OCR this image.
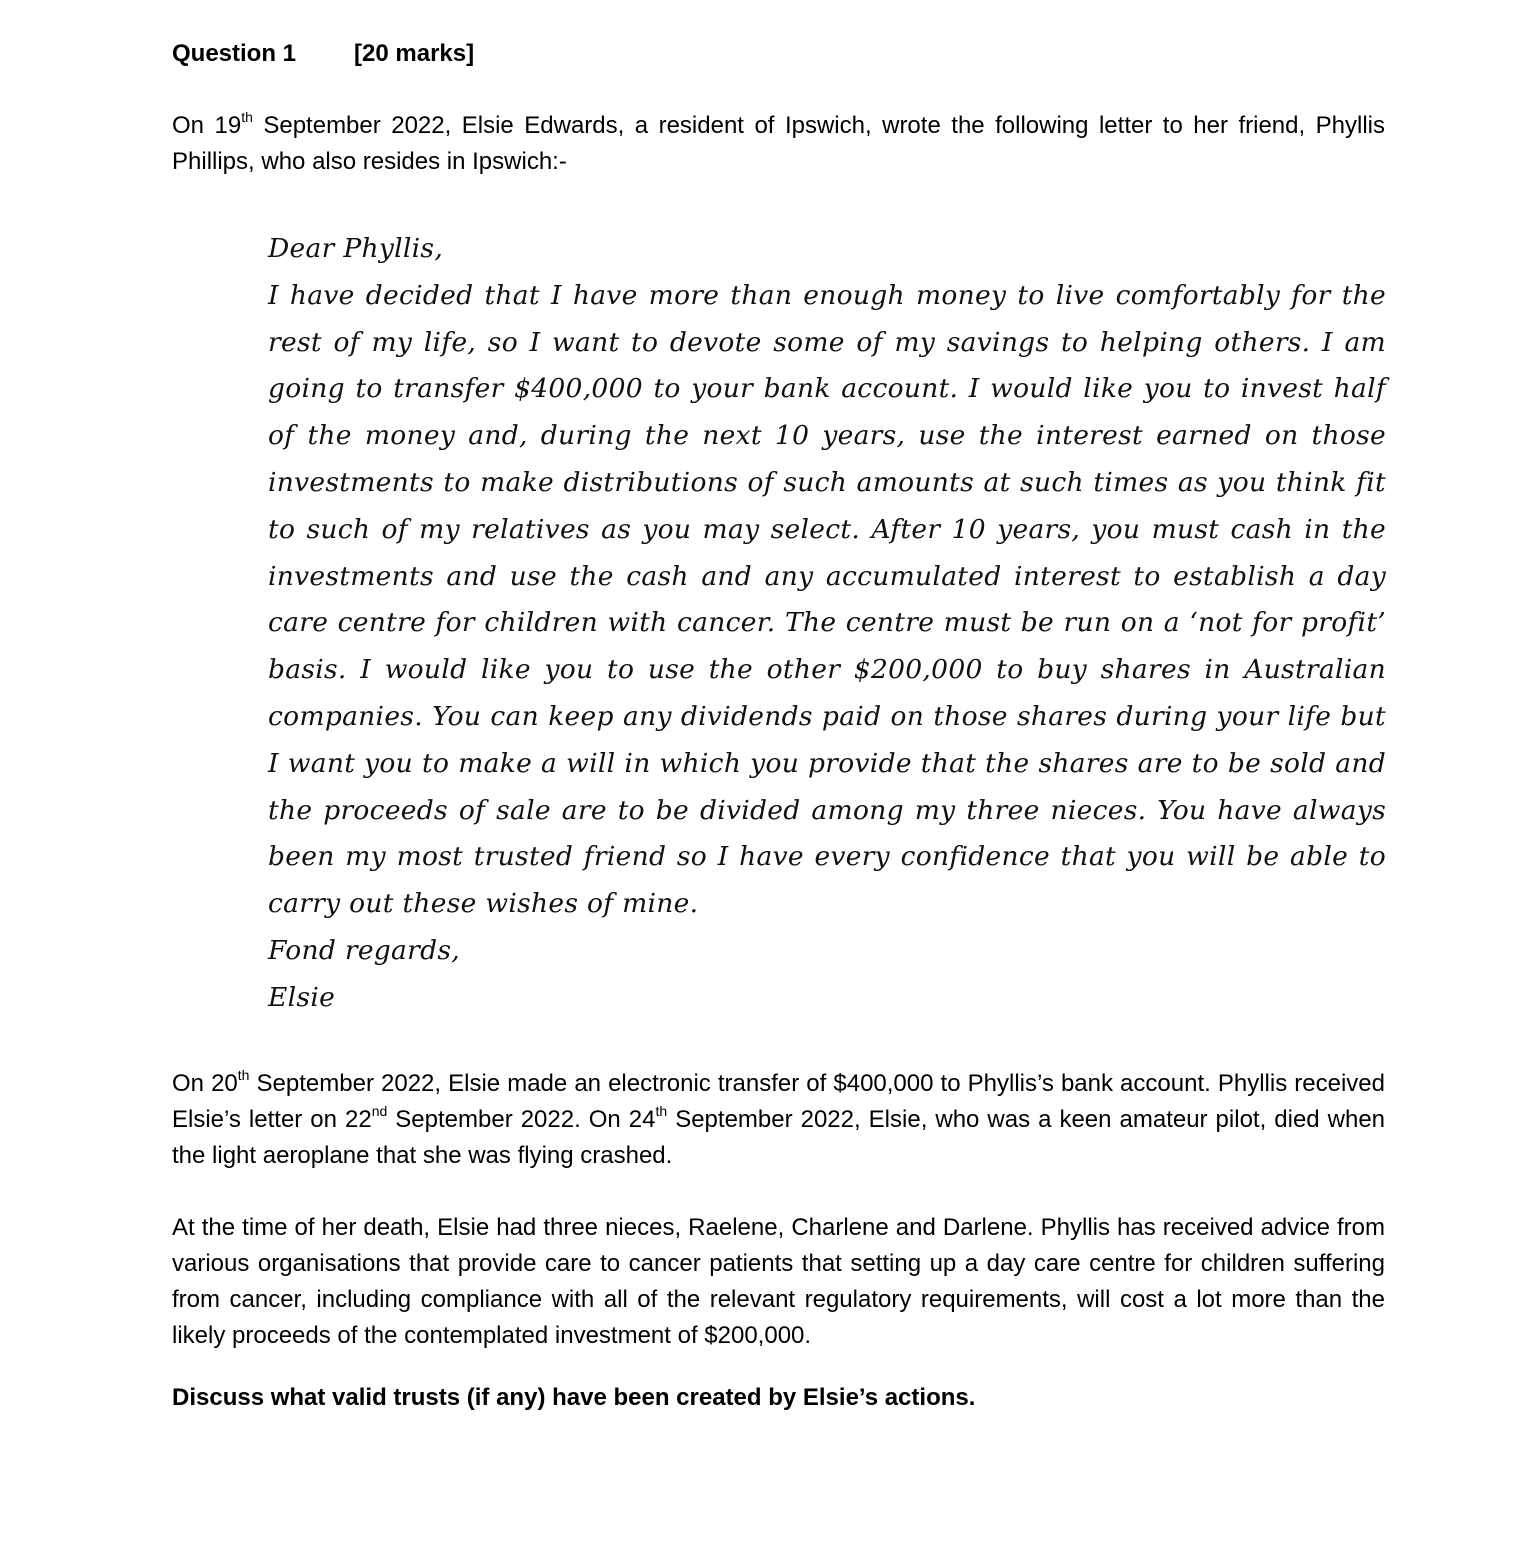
Question 1 [20 marks]

On 19th September 2022, Elsie Edwards, a resident of Ipswich, wrote the following letter to her friend, Phyllis Phillips, who also resides in Ipswich:-

Dear Phyllis,

I have decided that I have more than enough money to live comfortably for the rest of my life, so I want to devote some of my savings to helping others. I am going to transfer $400,000 to your bank account. I would like you to invest half of the money and, during the next 10 years, use the interest earned on those investments to make distributions of such amounts at such times as you think fit to such of my relatives as you may select. After 10 years, you must cash in the investments and use the cash and any accumulated interest to establish a day care centre for children with cancer. The centre must be run on a ‘not for profit’ basis. I would like you to use the other $200,000 to buy shares in Australian companies. You can keep any dividends paid on those shares during your life but I want you to make a will in which you provide that the shares are to be sold and the proceeds of sale are to be divided among my three nieces. You have always been my most trusted friend so I have every confidence that you will be able to carry out these wishes of mine.

Fond regards,

Elsie

On 20th September 2022, Elsie made an electronic transfer of $400,000 to Phyllis’s bank account. Phyllis received Elsie’s letter on 22nd September 2022. On 24th September 2022, Elsie, who was a keen amateur pilot, died when the light aeroplane that she was flying crashed.

At the time of her death, Elsie had three nieces, Raelene, Charlene and Darlene. Phyllis has received advice from various organisations that provide care to cancer patients that setting up a day care centre for children suffering from cancer, including compliance with all of the relevant regulatory requirements, will cost a lot more than the likely proceeds of the contemplated investment of $200,000.

Discuss what valid trusts (if any) have been created by Elsie’s actions.
